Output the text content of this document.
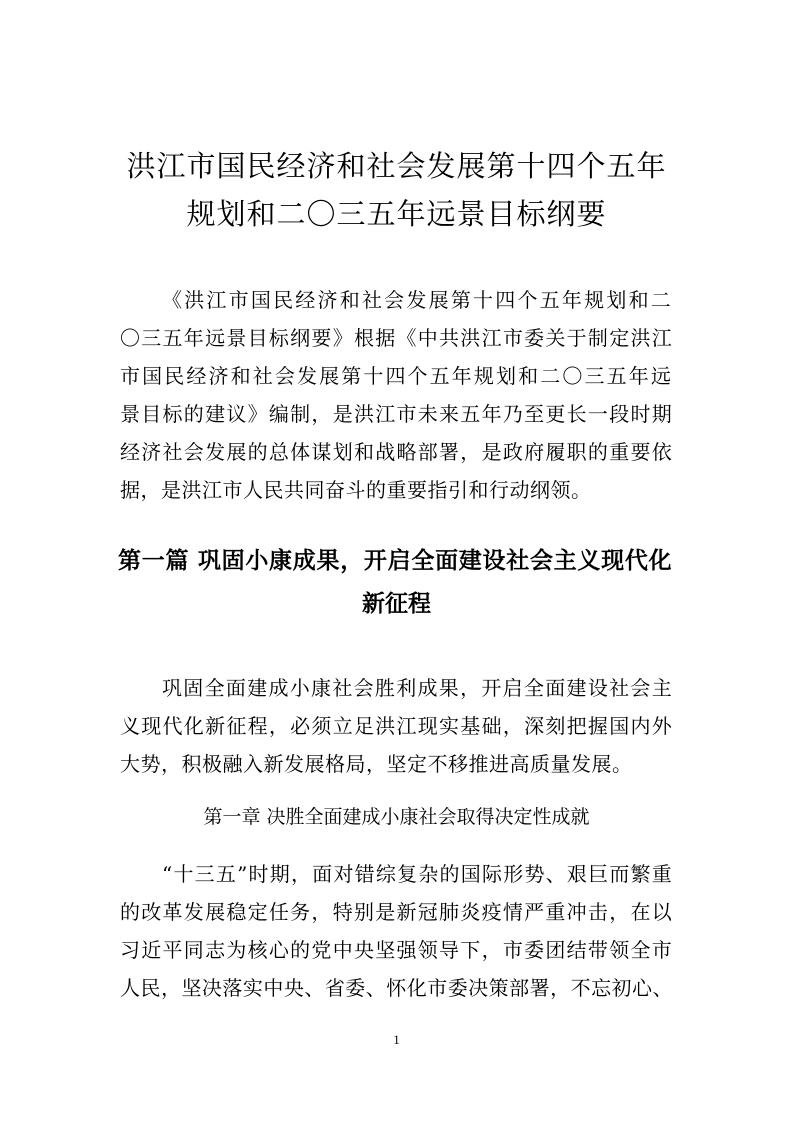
洪江市国民经济和社会发展第十四个五年
规划和二〇三五年远景目标纲要
《洪江市国民经济和社会发展第十四个五年规划和二
〇三五年远景目标纲要》根据《中共洪江市委关于制定洪江
市国民经济和社会发展第十四个五年规划和二〇三五年远
景目标的建议》编制，是洪江市未来五年乃至更长一段时期
经济社会发展的总体谋划和战略部署，是政府履职的重要依
据，是洪江市人民共同奋斗的重要指引和行动纲领。
第一篇 巩固小康成果，开启全面建设社会主义现代化
新征程
巩固全面建成小康社会胜利成果，开启全面建设社会主
义现代化新征程，必须立足洪江现实基础，深刻把握国内外
大势，积极融入新发展格局，坚定不移推进高质量发展。
第一章 决胜全面建成小康社会取得决定性成就
“十三五”时期，面对错综复杂的国际形势、艰巨而繁重
的改革发展稳定任务，特别是新冠肺炎疫情严重冲击，在以
习近平同志为核心的党中央坚强领导下，市委团结带领全市
人民，坚决落实中央、省委、怀化市委决策部署，不忘初心、
1
